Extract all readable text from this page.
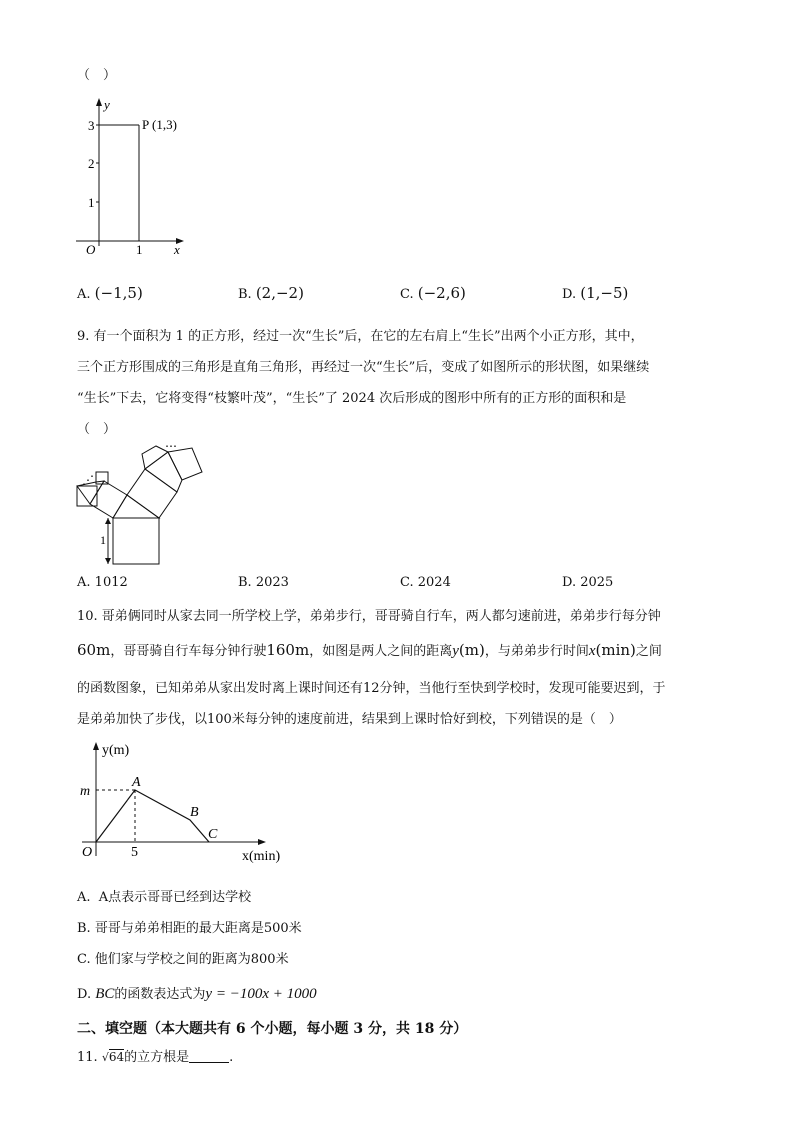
（　）
y
x
O
3
2
1
1
P (1,3)
A. (−1,5)	B. (2,−2)	C. (−2,6)	D. (1,−5)
9. 有一个面积为 1 的正方形，经过一次“生长”后，在它的左右肩上“生长”出两个小正方形，其中，
三个正方形围成的三角形是直角三角形，再经过一次“生长”后，变成了如图所示的形状图，如果继续
“生长”下去，它将变得“枝繁叶茂”，“生长”了 2024 次后形成的图形中所有的正方形的面积和是
（　）
1
⋯
⋰
A. 1012	B. 2023	C. 2024	D. 2025
10. 哥弟俩同时从家去同一所学校上学，弟弟步行，哥哥骑自行车，两人都匀速前进，弟弟步行每分钟
60m，哥哥骑自行车每分钟行驶160m，如图是两人之间的距离y(m)，与弟弟步行时间x(min)之间
的函数图象，已知弟弟从家出发时离上课时间还有12分钟，当他行至快到学校时，发现可能要迟到，于
是弟弟加快了步伐，以100米每分钟的速度前进，结果到上课时恰好到校，下列错误的是（　）
y(m)
x(min)
O
m
5
A
B
C
A. A点表示哥哥已经到达学校
B. 哥哥与弟弟相距的最大距离是500米
C. 他们家与学校之间的距离为800米
D. BC的函数表达式为y = −100x + 1000
二、填空题（本大题共有 6 个小题，每小题 3 分，共 18 分）
11. √64的立方根是	.
